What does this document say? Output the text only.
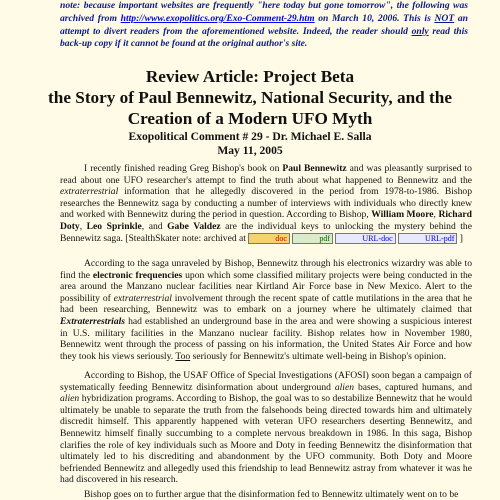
note: because important websites are frequently "here today but gone tomorrow", the following was archived from http://www.exopolitics.org/Exo-Comment-29.htm on March 10, 2006. This is NOT an attempt to divert readers from the aforementioned website. Indeed, the reader should only read this back-up copy if it cannot be found at the original author's site.
Review Article: Project Beta
the Story of Paul Bennewitz, National Security, and the
Creation of a Modern UFO Myth
Exopolitical Comment # 29 - Dr. Michael E. Salla
May 11, 2005
I recently finished reading Greg Bishop's book on Paul Bennewitz and was pleasantly surprised to read about one UFO researcher's attempt to find the truth about what happened to Bennewitz and the extraterrestrial information that he allegedly discovered in the period from 1978-to-1986. Bishop researches the Bennewitz saga by conducting a number of interviews with individuals who directly knew and worked with Bennewitz during the period in question. According to Bishop, William Moore, Richard Doty, Leo Sprinkle, and Gabe Valdez are the individual keys to unlocking the mystery behind the Bennewitz saga. [StealthSkater note: archived at	doc	pdf	URL-doc	URL-pdf ]
According to the saga unraveled by Bishop, Bennewitz through his electronics wizardry was able to find the electronic frequencies upon which some classified military projects were being conducted in the area around the Manzano nuclear facilities near Kirtland Air Force base in New Mexico. Alert to the possibility of extraterrestrial involvement through the recent spate of cattle mutilations in the area that he had been researching, Bennewitz was to embark on a journey where he ultimately claimed that Extraterrestrials had established an underground base in the area and were showing a suspicious interest in U.S. military facilities in the Manzano nuclear facility. Bishop relates how in November 1980, Bennewitz went through the process of passing on his information, the United States Air Force and how they took his views seriously. Too seriously for Bennewitz's ultimate well-being in Bishop's opinion.
According to Bishop, the USAF Office of Special Investigations (AFOSI) soon began a campaign of systematically feeding Bennewitz disinformation about underground alien bases, captured humans, and alien hybridization programs. According to Bishop, the goal was to so destabilize Bennewitz that he would ultimately be unable to separate the truth from the falsehoods being directed towards him and ultimately discredit himself. This apparently happened with veteran UFO researchers deserting Bennewitz, and Bennewitz himself finally succumbing to a complete nervous breakdown in 1986. In this saga, Bishop clarifies the role of key individuals such as Moore and Doty in feeding Bennewitz the disinformation that ultimately led to his discrediting and abandonment by the UFO community. Both Doty and Moore befriended Bennewitz and allegedly used this friendship to lead Bennewitz astray from whatever it was he had discovered in his research.
Bishop goes on to further argue that the disinformation fed to Bennewitz ultimately went on to be
